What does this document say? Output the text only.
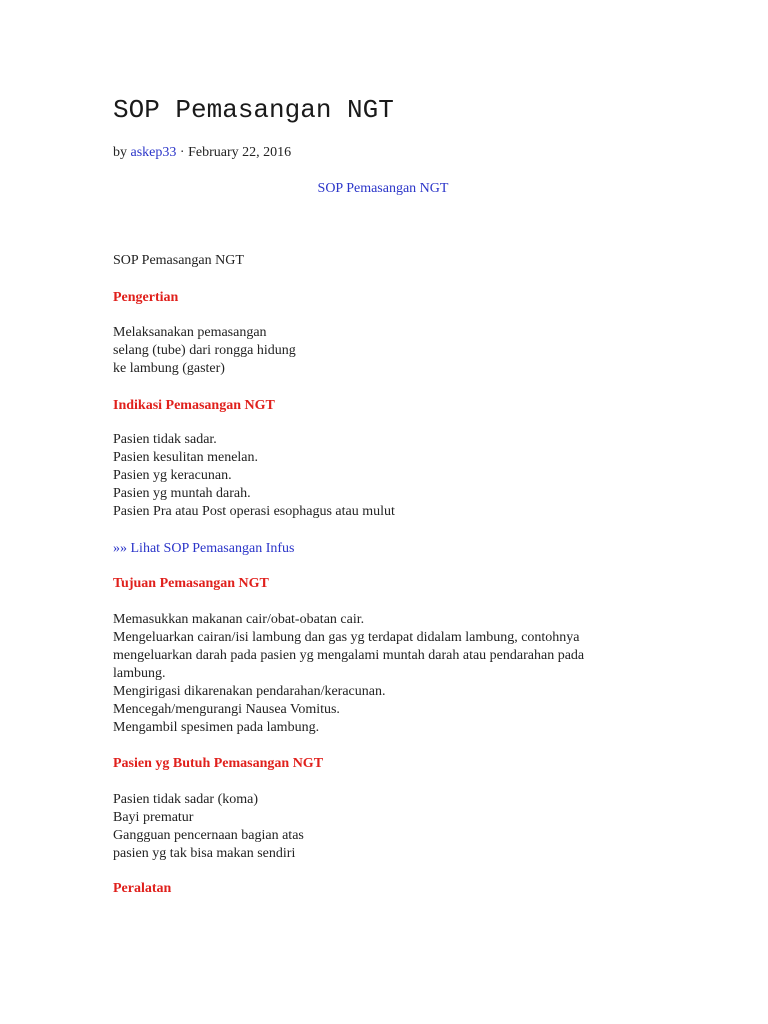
SOP Pemasangan NGT
by askep33 · February 22, 2016
SOP Pemasangan NGT
SOP Pemasangan NGT
Pengertian
Melaksanakan pemasangan
selang (tube) dari rongga hidung
ke lambung (gaster)
Indikasi Pemasangan NGT
Pasien tidak sadar.
Pasien kesulitan menelan.
Pasien yg keracunan.
Pasien yg muntah darah.
Pasien Pra atau Post operasi esophagus atau mulut
»» Lihat SOP Pemasangan Infus
Tujuan Pemasangan NGT
Memasukkan makanan cair/obat-obatan cair.
Mengeluarkan cairan/isi lambung dan gas yg terdapat didalam lambung, contohnya mengeluarkan darah pada pasien yg mengalami muntah darah atau pendarahan pada lambung.
Mengirigasi dikarenakan pendarahan/keracunan.
Mencegah/mengurangi Nausea Vomitus.
Mengambil spesimen pada lambung.
Pasien yg Butuh Pemasangan NGT
Pasien tidak sadar (koma)
Bayi prematur
Gangguan pencernaan bagian atas
pasien yg tak bisa makan sendiri
Peralatan
